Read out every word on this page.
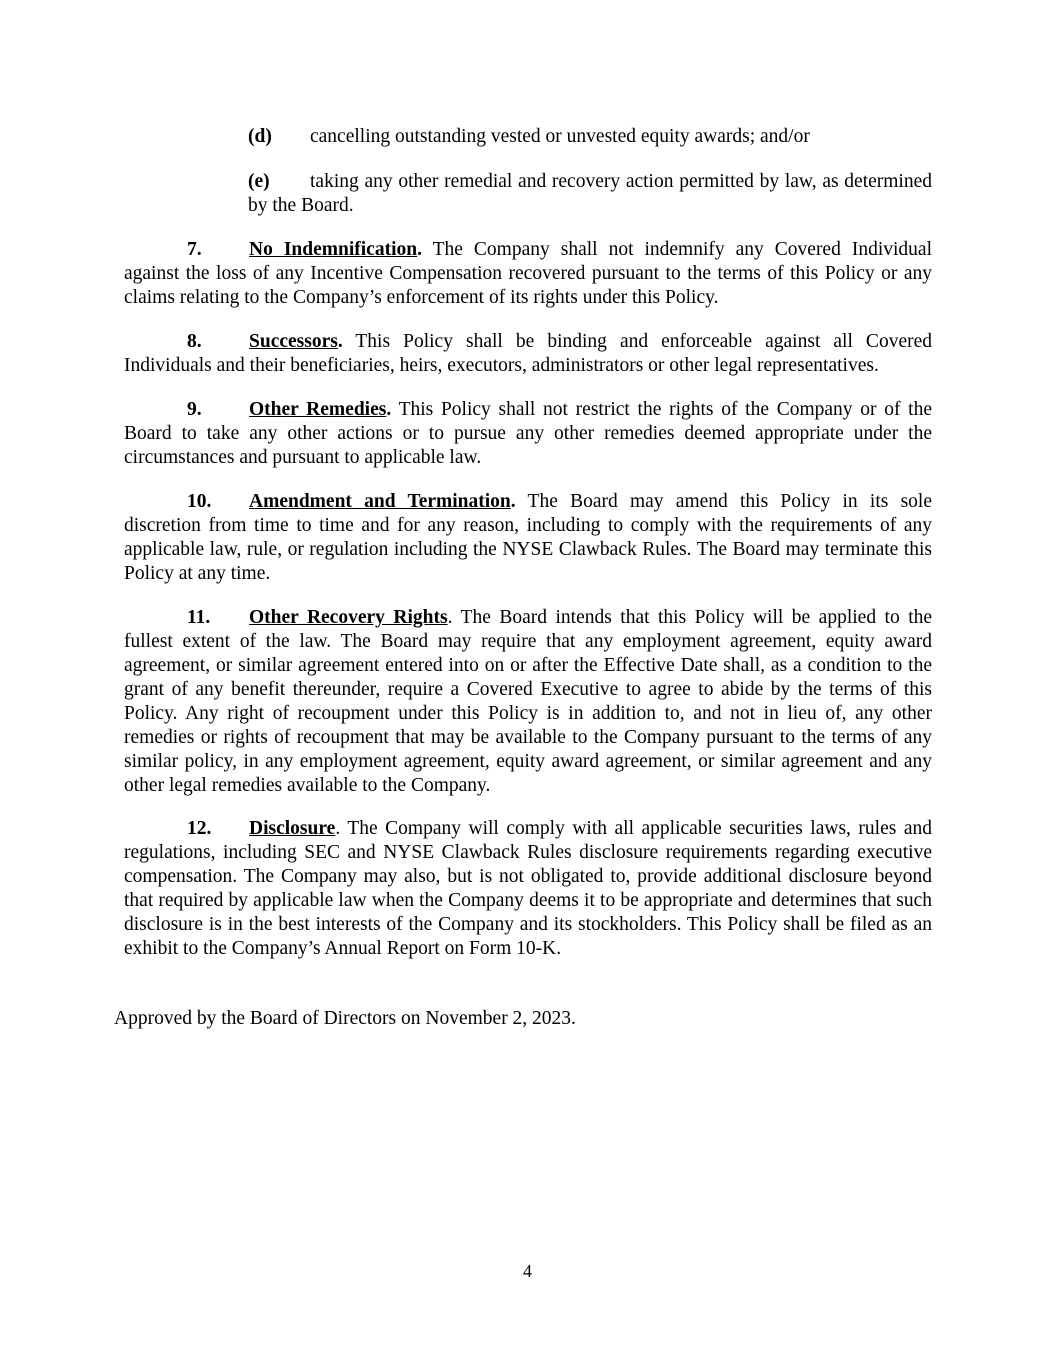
(d) cancelling outstanding vested or unvested equity awards; and/or
(e) taking any other remedial and recovery action permitted by law, as determined by the Board.
7. No Indemnification. The Company shall not indemnify any Covered Individual against the loss of any Incentive Compensation recovered pursuant to the terms of this Policy or any claims relating to the Company’s enforcement of its rights under this Policy.
8. Successors. This Policy shall be binding and enforceable against all Covered Individuals and their beneficiaries, heirs, executors, administrators or other legal representatives.
9. Other Remedies. This Policy shall not restrict the rights of the Company or of the Board to take any other actions or to pursue any other remedies deemed appropriate under the circumstances and pursuant to applicable law.
10. Amendment and Termination. The Board may amend this Policy in its sole discretion from time to time and for any reason, including to comply with the requirements of any applicable law, rule, or regulation including the NYSE Clawback Rules. The Board may terminate this Policy at any time.
11. Other Recovery Rights. The Board intends that this Policy will be applied to the fullest extent of the law. The Board may require that any employment agreement, equity award agreement, or similar agreement entered into on or after the Effective Date shall, as a condition to the grant of any benefit thereunder, require a Covered Executive to agree to abide by the terms of this Policy. Any right of recoupment under this Policy is in addition to, and not in lieu of, any other remedies or rights of recoupment that may be available to the Company pursuant to the terms of any similar policy, in any employment agreement, equity award agreement, or similar agreement and any other legal remedies available to the Company.
12. Disclosure. The Company will comply with all applicable securities laws, rules and regulations, including SEC and NYSE Clawback Rules disclosure requirements regarding executive compensation. The Company may also, but is not obligated to, provide additional disclosure beyond that required by applicable law when the Company deems it to be appropriate and determines that such disclosure is in the best interests of the Company and its stockholders. This Policy shall be filed as an exhibit to the Company’s Annual Report on Form 10-K.
Approved by the Board of Directors on November 2, 2023.
4
